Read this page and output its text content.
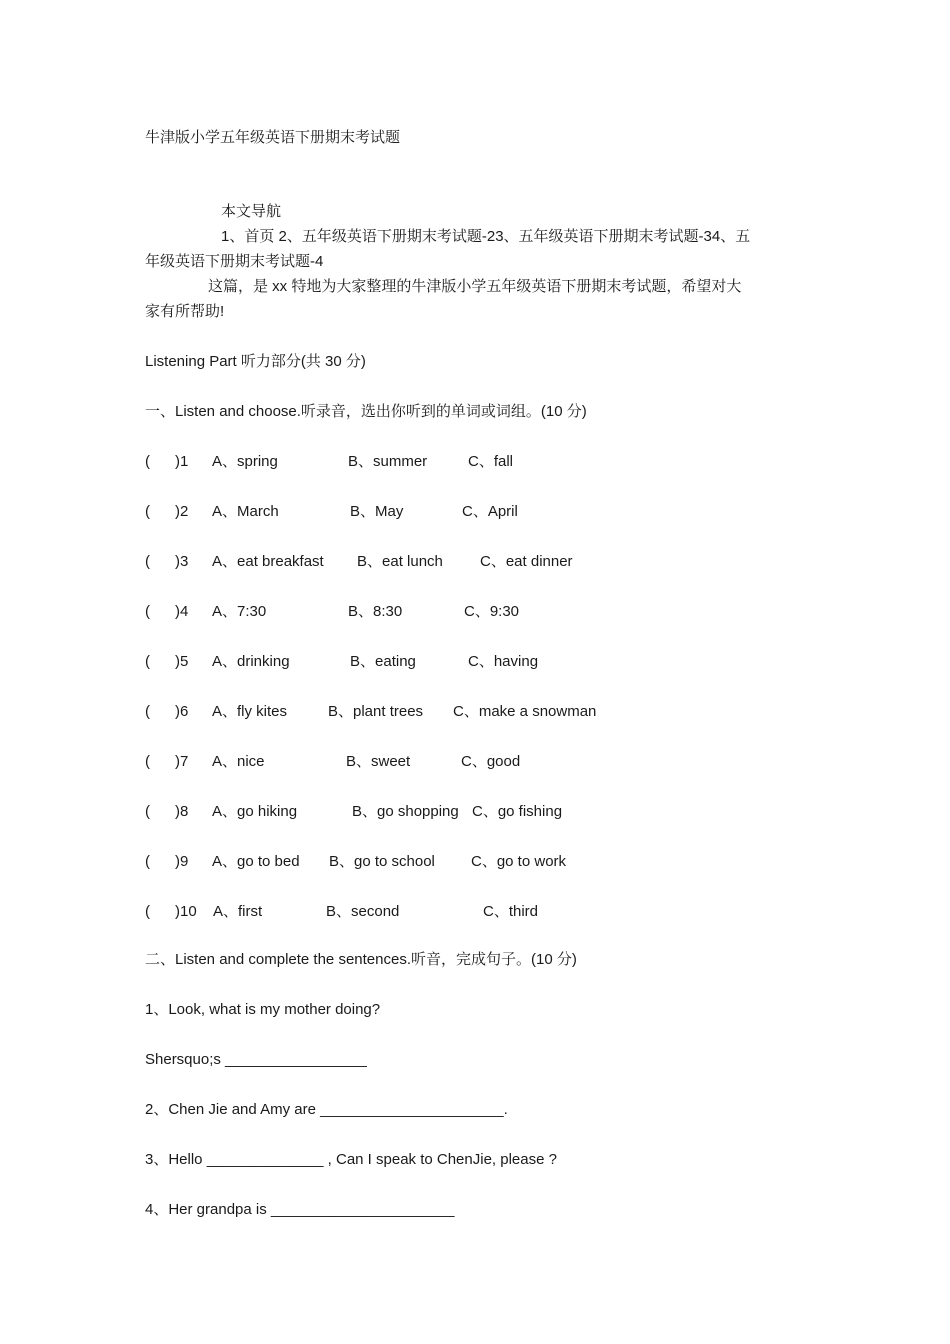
牛津版小学五年级英语下册期末考试题
本文导航
1、首页 2、五年级英语下册期末考试题-23、五年级英语下册期末考试题-34、五
年级英语下册期末考试题-4
这篇，是 xx 特地为大家整理的牛津版小学五年级英语下册期末考试题，希望对大
家有所帮助!
Listening Part 听力部分(共 30 分)
一、Listen and choose.听录音，选出你听到的单词或词组。(10 分)
( )1 A、spring	B、summer	C、fall
( )2 A、March	B、May	C、April
( )3 A、eat breakfast B、eat lunch C、eat dinner
( )4 A、7:30	B、8:30	C、9:30
( )5 A、drinking	B、eating	C、having
( )6 A、fly kites	B、plant trees C、make a snowman
( )7 A、nice	B、sweet	C、good
( )8 A、go hiking	B、go shopping C、go fishing
( )9 A、go to bed B、go to school C、go to work
( )10 A、first	B、second	C、third
二、Listen and complete the sentences.听音，完成句子。(10 分)
1、Look, what is my mother doing?
Shersquo;s _________________
2、Chen Jie and Amy are ______________________.
3、Hello ______________ , Can I speak to ChenJie, please ?
4、Her grandpa is ______________________
